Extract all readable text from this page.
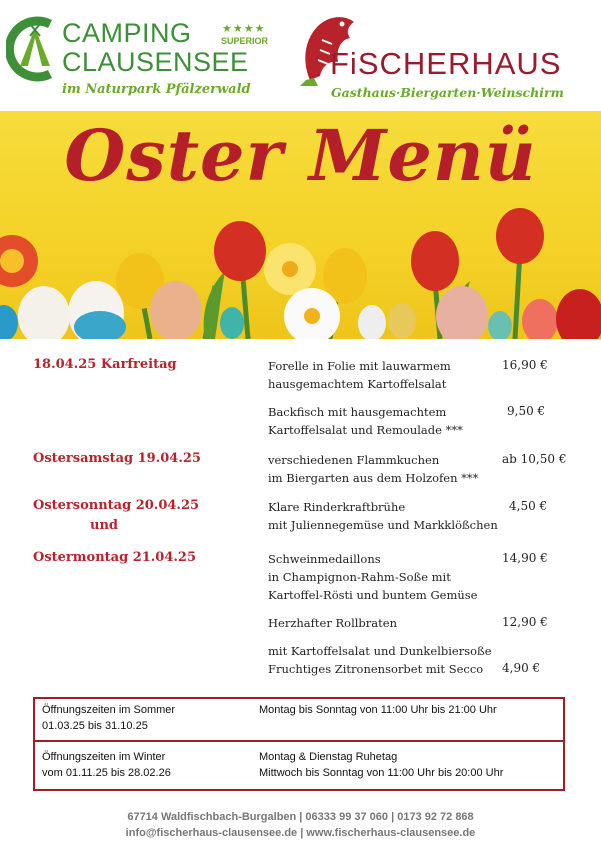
CAMPING
CLAUSENSEE
★★★★
SUPERIOR
im Naturpark Pfälzerwald
FiSCHERHAUS
Gasthaus·Biergarten·Weinschirm
Oster Menü
18.04.25 Karfreitag
Ostersamstag 19.04.25
Ostersonntag 20.04.25
und
Ostermontag 21.04.25
Forelle in Folie mit lauwarmem
hausgemachtem Kartoffelsalat
16,90 €
Backfisch mit hausgemachtem
Kartoffelsalat und Remoulade ***
9,50 €
verschiedenen Flammkuchen
im Biergarten aus dem Holzofen ***
ab 10,50 €
Klare Rinderkraftbrühe
mit Juliennegemüse und Markklößchen
4,50 €
Schweinmedaillons
in Champignon-Rahm-Soße mit
Kartoffel-Rösti und buntem Gemüse
14,90 €
Herzhafter Rollbraten	12,90 €
mit Kartoffelsalat und Dunkelbiersoße
Fruchtiges Zitronensorbet mit Secco	4,90 €
Öffnungszeiten im Sommer
01.03.25 bis 31.10.25
Montag bis Sonntag von 11:00 Uhr bis 21:00 Uhr
Öffnungszeiten im Winter
vom 01.11.25 bis 28.02.26
Montag & Dienstag Ruhetag
Mittwoch bis Sonntag von 11:00 Uhr bis 20:00 Uhr
67714 Waldfischbach-Burgalben | 06333 99 37 060 | 0173 92 72 868
info@fischerhaus-clausensee.de | www.fischerhaus-clausensee.de
